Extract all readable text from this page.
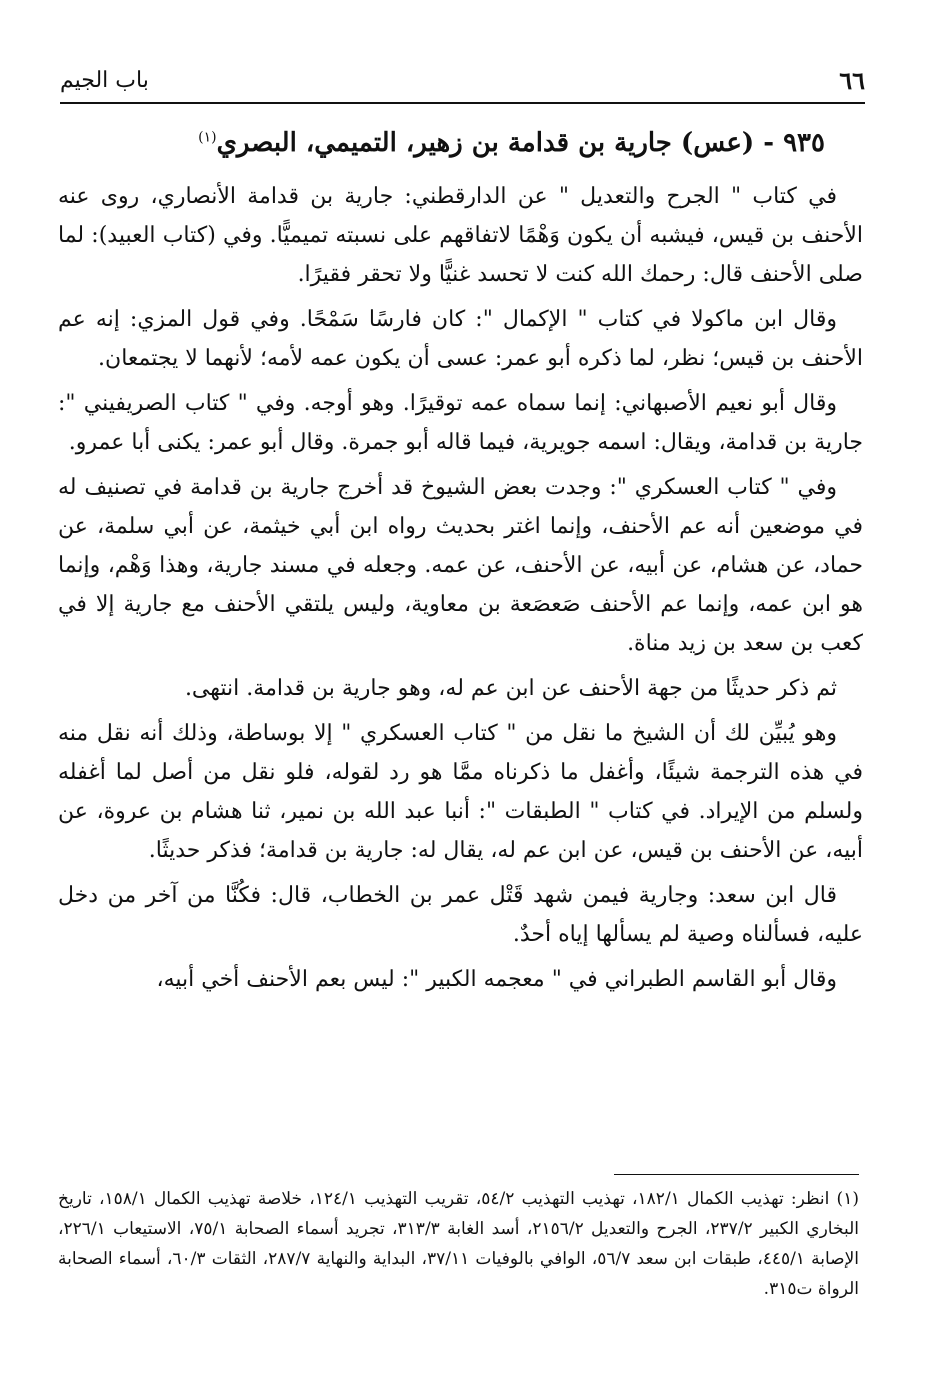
٦٦
باب الجيم
٩٣٥ - (عس) جارية بن قدامة بن زهير، التميمي، البصري$^{(١)}$

في كتاب " الجرح والتعديل " عن الدارقطني: جارية بن قدامة الأنصاري، روى عنه الأحنف بن قيس، فيشبه أن يكون وَهْمًا لاتفاقهم على نسبته تميميًّا. وفي (كتاب العبيد): لما صلى الأحنف قال: رحمك الله كنت لا تحسد غنيًّا ولا تحقر فقيرًا.

وقال ابن ماكولا في كتاب " الإكمال ": كان فارسًا سَمْحًا. وفي قول المزي: إنه عم الأحنف بن قيس؛ نظر، لما ذكره أبو عمر: عسى أن يكون عمه لأمه؛ لأنهما لا يجتمعان.

وقال أبو نعيم الأصبهاني: إنما سماه عمه توقيرًا. وهو أوجه. وفي " كتاب الصريفيني ": جارية بن قدامة، ويقال: اسمه جويرية، فيما قاله أبو جمرة. وقال أبو عمر: يكنى أبا عمرو.

وفي " كتاب العسكري ": وجدت بعض الشيوخ قد أخرج جارية بن قدامة في تصنيف له في موضعين أنه عم الأحنف، وإنما اغتر بحديث رواه ابن أبي خيثمة، عن أبي سلمة، عن حماد، عن هشام، عن أبيه، عن الأحنف، عن عمه. وجعله في مسند جارية، وهذا وَهْم، وإنما هو ابن عمه، وإنما عم الأحنف صَعصَعة بن معاوية، وليس يلتقي الأحنف مع جارية إلا في كعب بن سعد بن زيد مناة.

ثم ذكر حديثًا من جهة الأحنف عن ابن عم له، وهو جارية بن قدامة. انتهى.

وهو يُبيِّن لك أن الشيخ ما نقل من " كتاب العسكري " إلا بوساطة، وذلك أنه نقل منه في هذه الترجمة شيئًا، وأغفل ما ذكرناه ممَّا هو رد لقوله، فلو نقل من أصل لما أغفله ولسلم من الإيراد. في كتاب " الطبقات ": أنبا عبد الله بن نمير، ثنا هشام بن عروة، عن أبيه، عن الأحنف بن قيس، عن ابن عم له، يقال له: جارية بن قدامة؛ فذكر حديثًا.

قال ابن سعد: وجارية فيمن شهد قَتْل عمر بن الخطاب، قال: فكُنَّا من آخر من دخل عليه، فسألناه وصية لم يسألها إياه أحدٌ.

وقال أبو القاسم الطبراني في " معجمه الكبير ": ليس بعم الأحنف أخي أبيه،

(١) انظر: تهذيب الكمال ١٨٢/١، تهذيب التهذيب ٥٤/٢، تقريب التهذيب ١٢٤/١، خلاصة تهذيب الكمال ١٥٨/١، تاريخ البخاري الكبير ٢٣٧/٢، الجرح والتعديل ٢١٥٦/٢، أسد الغابة ٣١٣/٣، تجريد أسماء الصحابة ٧٥/١، الاستيعاب ٢٢٦/١، الإصابة ٤٤٥/١، طبقات ابن سعد ٥٦/٧، الوافي بالوفيات ٣٧/١١، البداية والنهاية ٢٨٧/٧، الثقات ٦٠/٣، أسماء الصحابة الرواة ت٣١٥.
